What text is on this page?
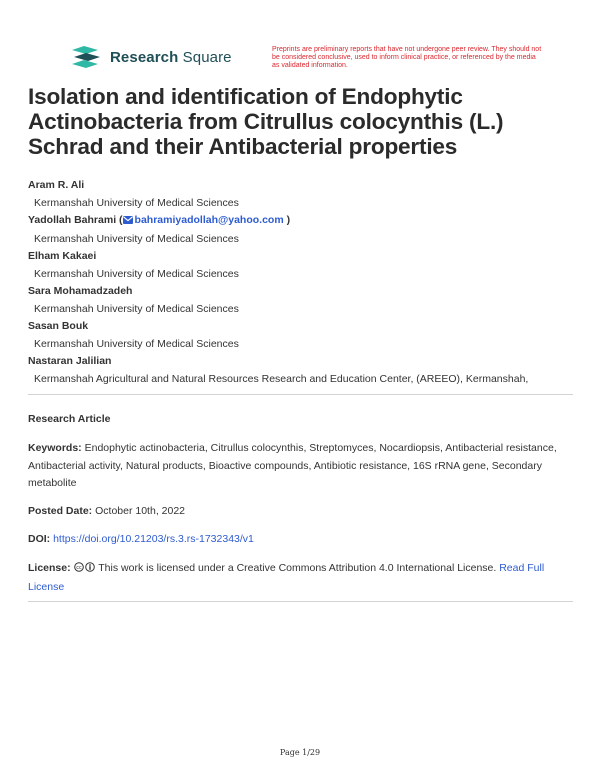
Research Square	Preprints are preliminary reports that have not undergone peer review. They should not be considered conclusive, used to inform clinical practice, or referenced by the media as validated information.
Isolation and identification of Endophytic Actinobacteria from Citrullus colocynthis (L.) Schrad and their Antibacterial properties
Aram R. Ali
Kermanshah University of Medical Sciences
Yadollah Bahrami ( bahramiyadollah@yahoo.com )
Kermanshah University of Medical Sciences
Elham Kakaei
Kermanshah University of Medical Sciences
Sara Mohamadzadeh
Kermanshah University of Medical Sciences
Sasan Bouk
Kermanshah University of Medical Sciences
Nastaran Jalilian
Kermanshah Agricultural and Natural Resources Research and Education Center, (AREEO), Kermanshah,
Research Article
Keywords: Endophytic actinobacteria, Citrullus colocynthis, Streptomyces, Nocardiopsis, Antibacterial resistance, Antibacterial activity, Natural products, Bioactive compounds, Antibiotic resistance, 16S rRNA gene, Secondary metabolite
Posted Date: October 10th, 2022
DOI: https://doi.org/10.21203/rs.3.rs-1732343/v1
License: cc This work is licensed under a Creative Commons Attribution 4.0 International License. Read Full License
Page 1/29
